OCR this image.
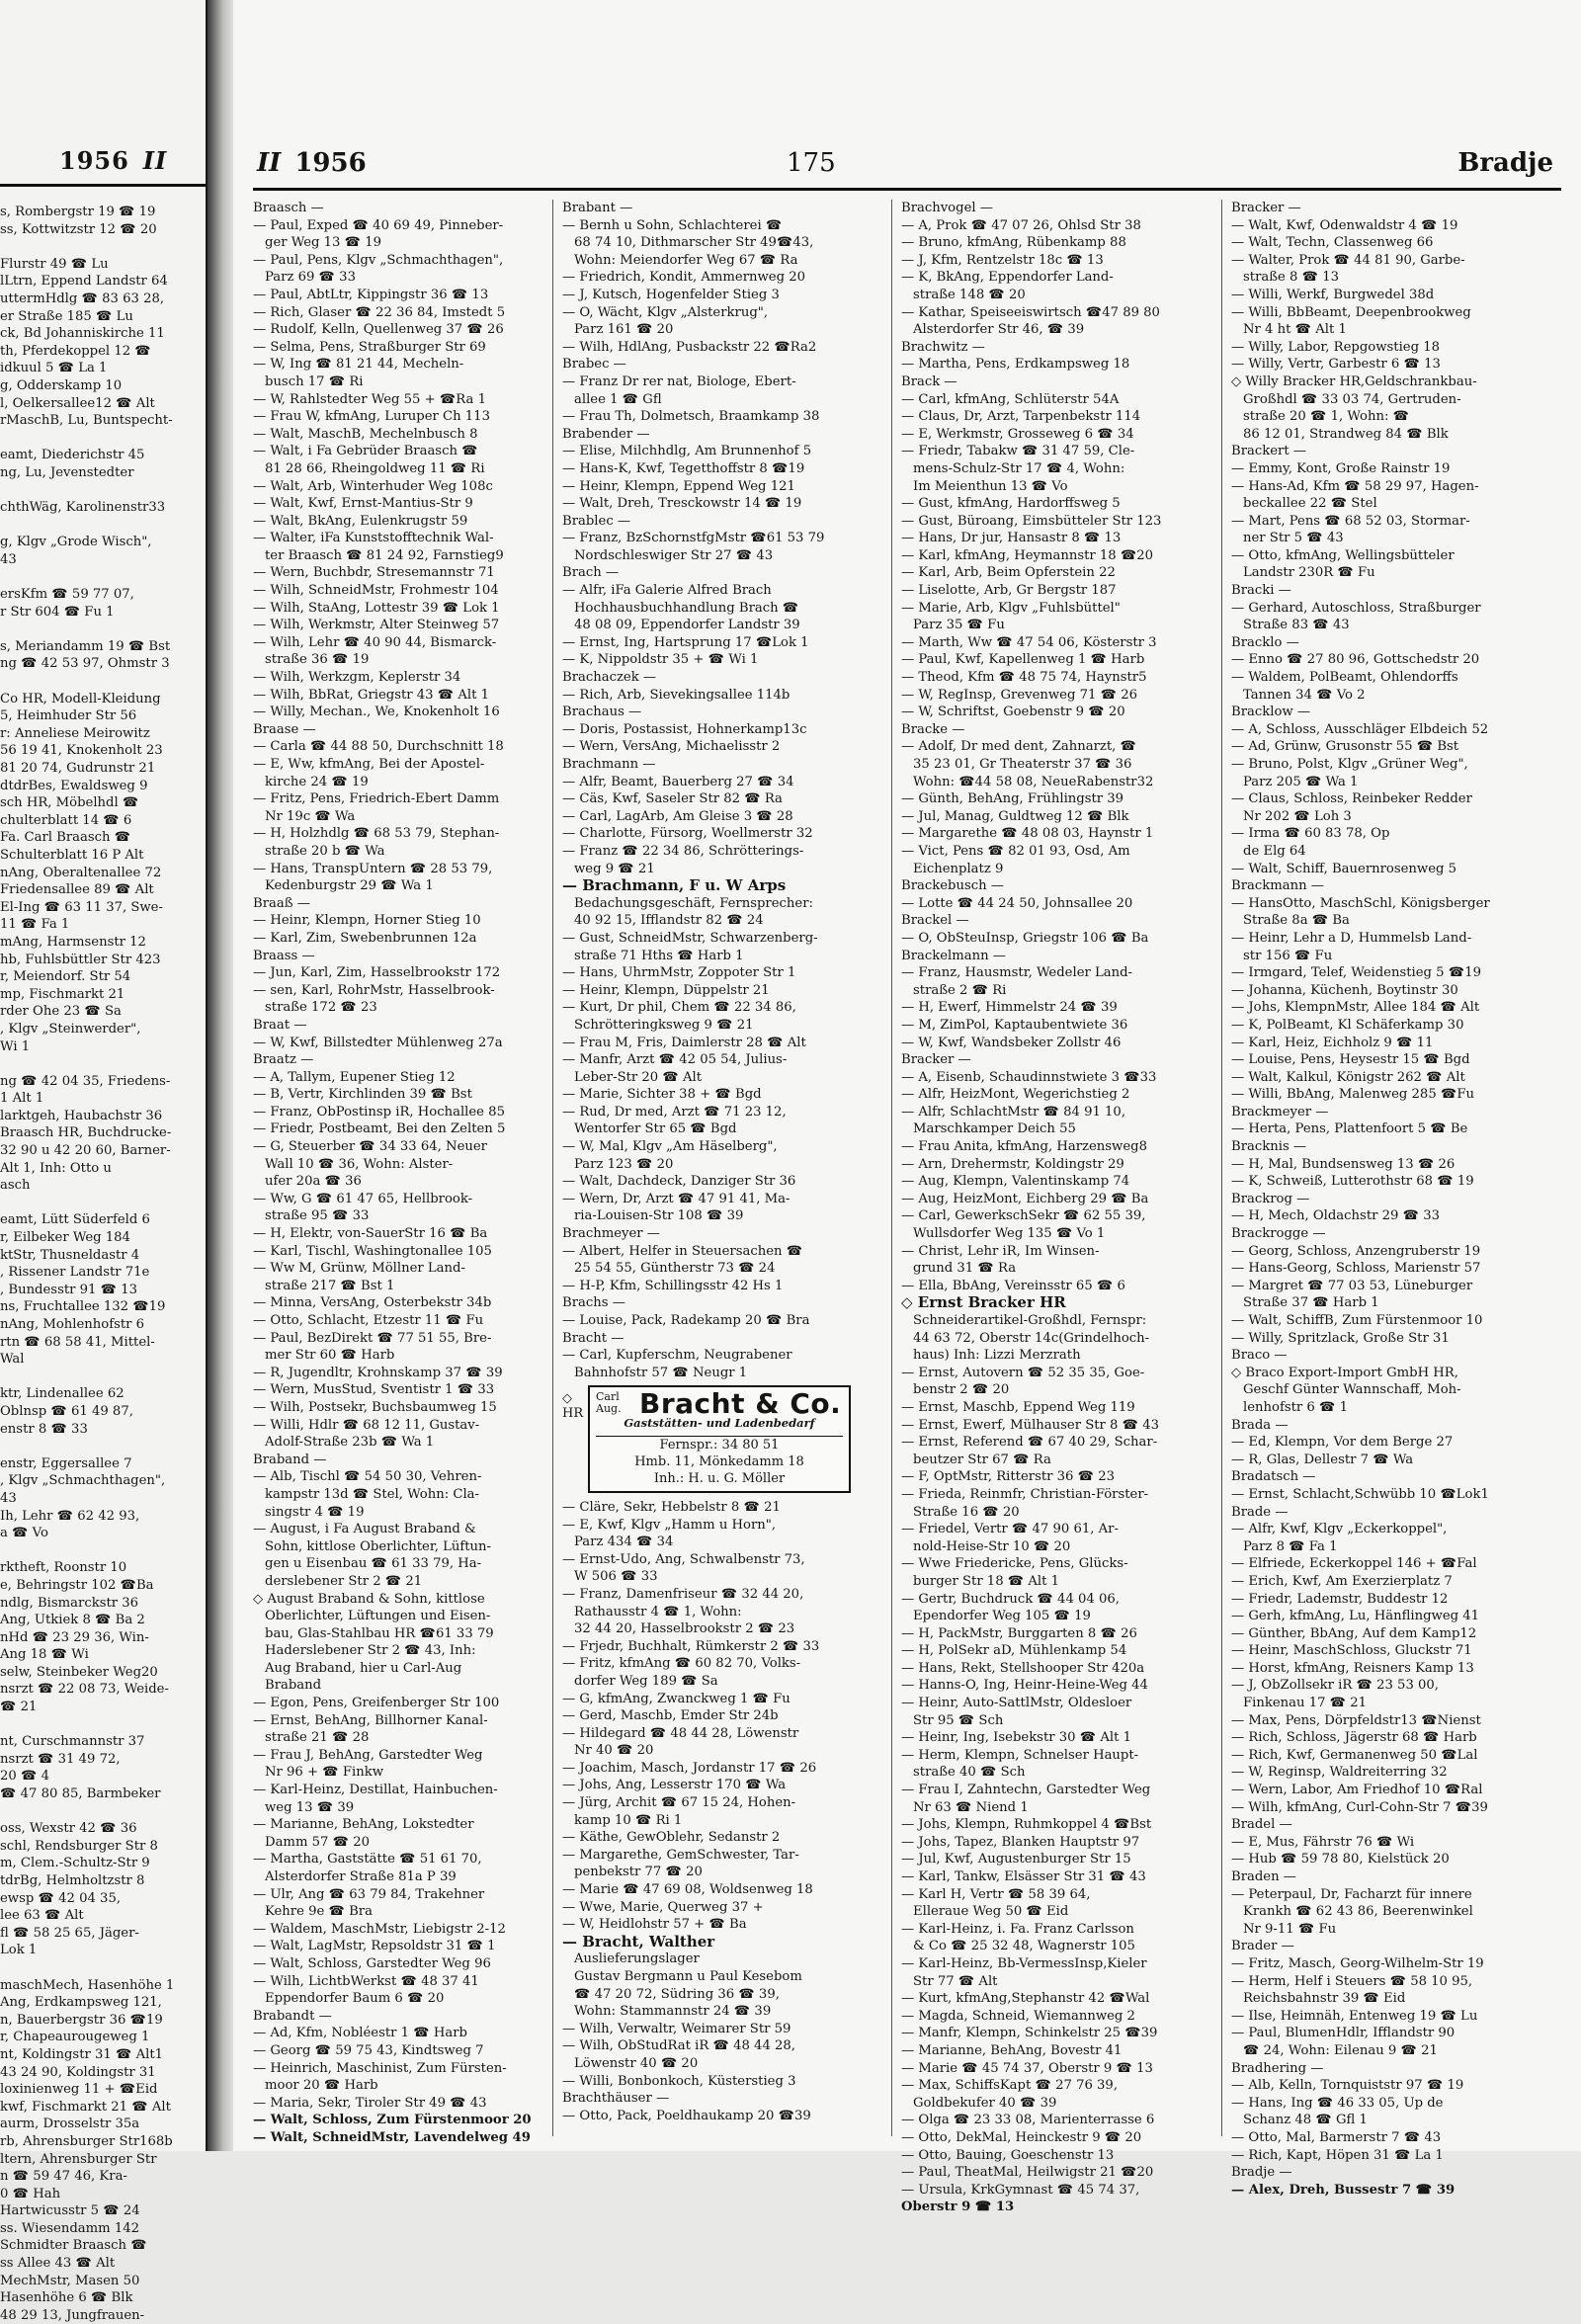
1956 II
s, Rombergstr 19 ☎ 19
ss, Kottwitzstr 12 ☎ 20
Flurstr 49 ☎ Lu
lLtrn, Eppend Landstr 64
uttermHdlg ☎ 83 63 28,
er Straße 185 ☎ Lu
ck, Bd Johanniskirche 11
th, Pferdekoppel 12 ☎
idkuul 5 ☎ La 1
g, Odderskamp 10
l, Oelkersallee12 ☎ Alt
rMaschB, Lu, Buntspecht-
eamt, Diederichstr 45
ng, Lu, Jevenstedter
chthWäg, Karolinenstr33
g, Klgv „Grode Wisch",
43
ersKfm ☎ 59 77 07,
r Str 604 ☎ Fu 1
s, Meriandamm 19 ☎ Bst
ng ☎ 42 53 97, Ohmstr 3
Co HR, Modell-Kleidung
5, Heimhuder Str 56
r: Anneliese Meirowitz
56 19 41, Knokenholt 23
81 20 74, Gudrunstr 21
dtdrBes, Ewaldsweg 9
sch HR, Möbelhdl ☎
chulterblatt 14 ☎ 6
Fa. Carl Braasch ☎
Schulterblatt 16 P Alt
nAng, Oberaltenallee 72
Friedensallee 89 ☎ Alt
El-Ing ☎ 63 11 37, Swe-
11 ☎ Fa 1
mAng, Harmsenstr 12
hb, Fuhlsbüttler Str 423
r, Meiendorf. Str 54
mp, Fischmarkt 21
rder Ohe 23 ☎ Sa
, Klgv „Steinwerder",
Wi 1
ng ☎ 42 04 35, Friedens-
1 Alt 1
larktgeh, Haubachstr 36
Braasch HR, Buchdrucke-
32 90 u 42 20 60, Barner-
Alt 1, Inh: Otto u
asch
eamt, Lütt Süderfeld 6
r, Eilbeker Weg 184
ktStr, Thusneldastr 4
, Rissener Landstr 71e
, Bundesstr 91 ☎ 13
ns, Fruchtallee 132 ☎19
nAng, Mohlenhofstr 6
rtn ☎ 68 58 41, Mittel-
Wal
ktr, Lindenallee 62
Oblnsp ☎ 61 49 87,
enstr 8 ☎ 33
enstr, Eggersallee 7
, Klgv „Schmachthagen",
43
Ih, Lehr ☎ 62 42 93,
a ☎ Vo
rktheft, Roonstr 10
e, Behringstr 102 ☎Ba
ndlg, Bismarckstr 36
Ang, Utkiek 8 ☎ Ba 2
nHd ☎ 23 29 36, Win-
Ang 18 ☎ Wi
selw, Steinbeker Weg20
nsrzt ☎ 22 08 73, Weide-
☎ 21
nt, Curschmannstr 37
nsrzt ☎ 31 49 72,
20 ☎ 4
☎ 47 80 85, Barmbeker
oss, Wexstr 42 ☎ 36
schl, Rendsburger Str 8
m, Clem.-Schultz-Str 9
tdrBg, Helmholtzstr 8
ewsp ☎ 42 04 35,
lee 63 ☎ Alt
fl ☎ 58 25 65, Jäger-
Lok 1
maschMech, Hasenhöhe 1
Ang, Erdkampsweg 121,
n, Bauerbergstr 36 ☎19
r, Chapeaurougeweg 1
nt, Koldingstr 31 ☎ Alt1
43 24 90, Koldingstr 31
loxinienweg 11 + ☎Eid
kwf, Fischmarkt 21 ☎ Alt
aurm, Drosselstr 35a
rb, Ahrensburger Str168b
ltern, Ahrensburger Str
n ☎ 59 47 46, Kra-
0 ☎ Hah
Hartwicusstr 5 ☎ 24
ss. Wiesendamm 142
Schmidter Braasch ☎
ss Allee 43 ☎ Alt
MechMstr, Masen 50
Hasenhöhe 6 ☎ Blk
48 29 13, Jungfrauen-
II 1956	175	Bradje
Braasch —
— Paul, Exped ☎ 40 69 49, Pinneber-
ger Weg 13 ☎ 19
— Paul, Pens, Klgv „Schmachthagen",
Parz 69 ☎ 33
— Paul, AbtLtr, Kippingstr 36 ☎ 13
— Rich, Glaser ☎ 22 36 84, Imstedt 5
— Rudolf, Kelln, Quellenweg 37 ☎ 26
— Selma, Pens, Straßburger Str 69
— W, Ing ☎ 81 21 44, Mecheln-
busch 17 ☎ Ri
— W, Rahlstedter Weg 55 + ☎Ra 1
— Frau W, kfmAng, Luruper Ch 113
— Walt, MaschB, Mechelnbusch 8
— Walt, i Fa Gebrüder Braasch ☎
81 28 66, Rheingoldweg 11 ☎ Ri
— Walt, Arb, Winterhuder Weg 108c
— Walt, Kwf, Ernst-Mantius-Str 9
— Walt, BkAng, Eulenkrugstr 59
— Walter, iFa Kunststofftechnik Wal-
ter Braasch ☎ 81 24 92, Farnstieg9
— Wern, Buchbdr, Stresemannstr 71
— Wilh, SchneidMstr, Frohmestr 104
— Wilh, StaAng, Lottestr 39 ☎ Lok 1
— Wilh, Werkmstr, Alter Steinweg 57
— Wilh, Lehr ☎ 40 90 44, Bismarck-
straße 36 ☎ 19
— Wilh, Werkzgm, Keplerstr 34
— Wilh, BbRat, Griegstr 43 ☎ Alt 1
— Willy, Mechan., We, Knokenholt 16
Braase —
— Carla ☎ 44 88 50, Durchschnitt 18
— E, Ww, kfmAng, Bei der Apostel-
kirche 24 ☎ 19
— Fritz, Pens, Friedrich-Ebert Damm
Nr 19c ☎ Wa
— H, Holzhdlg ☎ 68 53 79, Stephan-
straße 20 b ☎ Wa
— Hans, TranspUntern ☎ 28 53 79,
Kedenburgstr 29 ☎ Wa 1
Braaß —
— Heinr, Klempn, Horner Stieg 10
— Karl, Zim, Swebenbrunnen 12a
Braass —
— Jun, Karl, Zim, Hasselbrookstr 172
— sen, Karl, RohrMstr, Hasselbrook-
straße 172 ☎ 23
Braat —
— W, Kwf, Billstedter Mühlenweg 27a
Braatz —
— A, Tallym, Eupener Stieg 12
— B, Vertr, Kirchlinden 39 ☎ Bst
— Franz, ObPostinsp iR, Hochallee 85
— Friedr, Postbeamt, Bei den Zelten 5
— G, Steuerber ☎ 34 33 64, Neuer
Wall 10 ☎ 36, Wohn: Alster-
ufer 20a ☎ 36
— Ww, G ☎ 61 47 65, Hellbrook-
straße 95 ☎ 33
— H, Elektr, von-SauerStr 16 ☎ Ba
— Karl, Tischl, Washingtonallee 105
— Ww M, Grünw, Möllner Land-
straße 217 ☎ Bst 1
— Minna, VersAng, Osterbekstr 34b
— Otto, Schlacht, Etzestr 11 ☎ Fu
— Paul, BezDirekt ☎ 77 51 55, Bre-
mer Str 60 ☎ Harb
— R, Jugendltr, Krohnskamp 37 ☎ 39
— Wern, MusStud, Sventistr 1 ☎ 33
— Wilh, Postsekr, Buchsbaumweg 15
— Willi, Hdlr ☎ 68 12 11, Gustav-
Adolf-Straße 23b ☎ Wa 1
Braband —
— Alb, Tischl ☎ 54 50 30, Vehren-
kampstr 13d ☎ Stel, Wohn: Cla-
singstr 4 ☎ 19
— August, i Fa August Braband &
Sohn, kittlose Oberlichter, Lüftun-
gen u Eisenbau ☎ 61 33 79, Ha-
derslebener Str 2 ☎ 21
◇ August Braband & Sohn, kittlose
Oberlichter, Lüftungen und Eisen-
bau, Glas-Stahlbau HR ☎61 33 79
Haderslebener Str 2 ☎ 43, Inh:
Aug Braband, hier u Carl-Aug
Braband
— Egon, Pens, Greifenberger Str 100
— Ernst, BehAng, Billhorner Kanal-
straße 21 ☎ 28
— Frau J, BehAng, Garstedter Weg
Nr 96 + ☎ Finkw
— Karl-Heinz, Destillat, Hainbuchen-
weg 13 ☎ 39
— Marianne, BehAng, Lokstedter
Damm 57 ☎ 20
— Martha, Gaststätte ☎ 51 61 70,
Alsterdorfer Straße 81a P 39
— Ulr, Ang ☎ 63 79 84, Trakehner
Kehre 9e ☎ Bra
— Waldem, MaschMstr, Liebigstr 2-12
— Walt, LagMstr, Repsoldstr 31 ☎ 1
— Walt, Schloss, Garstedter Weg 96
— Wilh, LichtbWerkst ☎ 48 37 41
Eppendorfer Baum 6 ☎ 20
Brabandt —
— Ad, Kfm, Nobléestr 1 ☎ Harb
— Georg ☎ 59 75 43, Kindtsweg 7
— Heinrich, Maschinist, Zum Fürsten-
moor 20 ☎ Harb
— Maria, Sekr, Tiroler Str 49 ☎ 43
— Walt, Schloss, Zum Fürstenmoor 20
— Walt, SchneidMstr, Lavendelweg 49
Brabant —
— Bernh u Sohn, Schlachterei ☎
68 74 10, Dithmarscher Str 49☎43,
Wohn: Meiendorfer Weg 67 ☎ Ra
— Friedrich, Kondit, Ammernweg 20
— J, Kutsch, Hogenfelder Stieg 3
— O, Wächt, Klgv „Alsterkrug",
Parz 161 ☎ 20
— Wilh, HdlAng, Pusbackstr 22 ☎Ra2
Brabec —
— Franz Dr rer nat, Biologe, Ebert-
allee 1 ☎ Gfl
— Frau Th, Dolmetsch, Braamkamp 38
Brabender —
— Elise, Milchhdlg, Am Brunnenhof 5
— Hans-K, Kwf, Tegetthoffstr 8 ☎19
— Heinr, Klempn, Eppend Weg 121
— Walt, Dreh, Tresckowstr 14 ☎ 19
Brablec —
— Franz, BzSchornstfgMstr ☎61 53 79
Nordschleswiger Str 27 ☎ 43
Brach —
— Alfr, iFa Galerie Alfred Brach
Hochhausbuchhandlung Brach ☎
48 08 09, Eppendorfer Landstr 39
— Ernst, Ing, Hartsprung 17 ☎Lok 1
— K, Nippoldstr 35 + ☎ Wi 1
Brachaczek —
— Rich, Arb, Sievekingsallee 114b
Brachaus —
— Doris, Postassist, Hohnerkamp13c
— Wern, VersAng, Michaelisstr 2
Brachmann —
— Alfr, Beamt, Bauerberg 27 ☎ 34
— Cäs, Kwf, Saseler Str 82 ☎ Ra
— Carl, LagArb, Am Gleise 3 ☎ 28
— Charlotte, Fürsorg, Woellmerstr 32
— Franz ☎ 22 34 86, Schrötterings-
weg 9 ☎ 21
— Brachmann, F u. W Arps
Bedachungsgeschäft, Fernsprecher:
40 92 15, Ifflandstr 82 ☎ 24
— Gust, SchneidMstr, Schwarzenberg-
straße 71 Hths ☎ Harb 1
— Hans, UhrmMstr, Zoppoter Str 1
— Heinr, Klempn, Düppelstr 21
— Kurt, Dr phil, Chem ☎ 22 34 86,
Schrötteringksweg 9 ☎ 21
— Frau M, Fris, Daimlerstr 28 ☎ Alt
— Manfr, Arzt ☎ 42 05 54, Julius-
Leber-Str 20 ☎ Alt
— Marie, Sichter 38 + ☎ Bgd
— Rud, Dr med, Arzt ☎ 71 23 12,
Wentorfer Str 65 ☎ Bgd
— W, Mal, Klgv „Am Häselberg",
Parz 123 ☎ 20
— Walt, Dachdeck, Danziger Str 36
— Wern, Dr, Arzt ☎ 47 91 41, Ma-
ria-Louisen-Str 108 ☎ 39
Brachmeyer —
— Albert, Helfer in Steuersachen ☎
25 54 55, Güntherstr 73 ☎ 24
— H-P, Kfm, Schillingsstr 42 Hs 1
Brachs —
— Louise, Pack, Radekamp 20 ☎ Bra
Bracht —
— Carl, Kupferschm, Neugrabener
Bahnhofstr 57 ☎ Neugr 1
◇
HR
Carl
Aug. Bracht & Co.
Gaststätten- und Ladenbedarf
Fernspr.: 34 80 51
Hmb. 11, Mönkedamm 18
Inh.: H. u. G. Möller
— Cläre, Sekr, Hebbelstr 8 ☎ 21
— E, Kwf, Klgv „Hamm u Horn",
Parz 434 ☎ 34
— Ernst-Udo, Ang, Schwalbenstr 73,
W 506 ☎ 33
— Franz, Damenfriseur ☎ 32 44 20,
Rathausstr 4 ☎ 1, Wohn:
32 44 20, Hasselbrookstr 2 ☎ 23
— Frjedr, Buchhalt, Rümkerstr 2 ☎ 33
— Fritz, kfmAng ☎ 60 82 70, Volks-
dorfer Weg 189 ☎ Sa
— G, kfmAng, Zwanckweg 1 ☎ Fu
— Gerd, Maschb, Emder Str 24b
— Hildegard ☎ 48 44 28, Löwenstr
Nr 40 ☎ 20
— Joachim, Masch, Jordanstr 17 ☎ 26
— Johs, Ang, Lesserstr 170 ☎ Wa
— Jürg, Archit ☎ 67 15 24, Hohen-
kamp 10 ☎ Ri 1
— Käthe, GewOblehr, Sedanstr 2
— Margarethe, GemSchwester, Tar-
penbekstr 77 ☎ 20
— Marie ☎ 47 69 08, Woldsenweg 18
— Wwe, Marie, Querweg 37 +
— W, Heidlohstr 57 + ☎ Ba
— Bracht, Walther
Auslieferungslager
Gustav Bergmann u Paul Kesebom
☎ 47 20 72, Südring 36 ☎ 39,
Wohn: Stammannstr 24 ☎ 39
— Wilh, Verwaltr, Weimarer Str 59
— Wilh, ObStudRat iR ☎ 48 44 28,
Löwenstr 40 ☎ 20
— Willi, Bonbonkoch, Küsterstieg 3
Brachthäuser —
— Otto, Pack, Poeldhaukamp 20 ☎39
Brachvogel —
— A, Prok ☎ 47 07 26, Ohlsd Str 38
— Bruno, kfmAng, Rübenkamp 88
— J, Kfm, Rentzelstr 18c ☎ 13
— K, BkAng, Eppendorfer Land-
straße 148 ☎ 20
— Kathar, Speiseeiswirtsch ☎47 89 80
Alsterdorfer Str 46, ☎ 39
Brachwitz —
— Martha, Pens, Erdkampsweg 18
Brack —
— Carl, kfmAng, Schlüterstr 54A
— Claus, Dr, Arzt, Tarpenbekstr 114
— E, Werkmstr, Grosseweg 6 ☎ 34
— Friedr, Tabakw ☎ 31 47 59, Cle-
mens-Schulz-Str 17 ☎ 4, Wohn:
Im Meienthun 13 ☎ Vo
— Gust, kfmAng, Hardorffsweg 5
— Gust, Büroang, Eimsbütteler Str 123
— Hans, Dr jur, Hansastr 8 ☎ 13
— Karl, kfmAng, Heymannstr 18 ☎20
— Karl, Arb, Beim Opferstein 22
— Liselotte, Arb, Gr Bergstr 187
— Marie, Arb, Klgv „Fuhlsbüttel"
Parz 35 ☎ Fu
— Marth, Ww ☎ 47 54 06, Kösterstr 3
— Paul, Kwf, Kapellenweg 1 ☎ Harb
— Theod, Kfm ☎ 48 75 74, Haynstr5
— W, RegInsp, Grevenweg 71 ☎ 26
— W, Schriftst, Goebenstr 9 ☎ 20
Bracke —
— Adolf, Dr med dent, Zahnarzt, ☎
35 23 01, Gr Theaterstr 37 ☎ 36
Wohn: ☎44 58 08, NeueRabenstr32
— Günth, BehAng, Frühlingstr 39
— Jul, Manag, Guldtweg 12 ☎ Blk
— Margarethe ☎ 48 08 03, Haynstr 1
— Vict, Pens ☎ 82 01 93, Osd, Am
Eichenplatz 9
Brackebusch —
— Lotte ☎ 44 24 50, Johnsallee 20
Brackel —
— O, ObSteuInsp, Griegstr 106 ☎ Ba
Brackelmann —
— Franz, Hausmstr, Wedeler Land-
straße 2 ☎ Ri
— H, Ewerf, Himmelstr 24 ☎ 39
— M, ZimPol, Kaptaubentwiete 36
— W, Kwf, Wandsbeker Zollstr 46
Bracker —
— A, Eisenb, Schaudinnstwiete 3 ☎33
— Alfr, HeizMont, Wegerichstieg 2
— Alfr, SchlachtMstr ☎ 84 91 10,
Marschkamper Deich 55
— Frau Anita, kfmAng, Harzensweg8
— Arn, Drehermstr, Koldingstr 29
— Aug, Klempn, Valentinskamp 74
— Aug, HeizMont, Eichberg 29 ☎ Ba
— Carl, GewerkschSekr ☎ 62 55 39,
Wullsdorfer Weg 135 ☎ Vo 1
— Christ, Lehr iR, Im Winsen-
grund 31 ☎ Ra
— Ella, BbAng, Vereinsstr 65 ☎ 6
◇ Ernst Bracker HR
Schneiderartikel-Großhdl, Fernspr:
44 63 72, Oberstr 14c(Grindelhoch-
haus) Inh: Lizzi Merzrath
— Ernst, Autovern ☎ 52 35 35, Goe-
benstr 2 ☎ 20
— Ernst, Maschb, Eppend Weg 119
— Ernst, Ewerf, Mülhauser Str 8 ☎ 43
— Ernst, Referend ☎ 67 40 29, Schar-
beutzer Str 67 ☎ Ra
— F, OptMstr, Ritterstr 36 ☎ 23
— Frieda, Reinmfr, Christian-Förster-
Straße 16 ☎ 20
— Friedel, Vertr ☎ 47 90 61, Ar-
nold-Heise-Str 10 ☎ 20
— Wwe Friedericke, Pens, Glücks-
burger Str 18 ☎ Alt 1
— Gertr, Buchdruck ☎ 44 04 06,
Ependorfer Weg 105 ☎ 19
— H, PackMstr, Burggarten 8 ☎ 26
— H, PolSekr aD, Mühlenkamp 54
— Hans, Rekt, Stellshooper Str 420a
— Hanns-O, Ing, Heinr-Heine-Weg 44
— Heinr, Auto-SattlMstr, Oldesloer
Str 95 ☎ Sch
— Heinr, Ing, Isebekstr 30 ☎ Alt 1
— Herm, Klempn, Schnelser Haupt-
straße 40 ☎ Sch
— Frau I, Zahntechn, Garstedter Weg
Nr 63 ☎ Niend 1
— Johs, Klempn, Ruhmkoppel 4 ☎Bst
— Johs, Tapez, Blanken Hauptstr 97
— Jul, Kwf, Augustenburger Str 15
— Karl, Tankw, Elsässer Str 31 ☎ 43
— Karl H, Vertr ☎ 58 39 64,
Elleraue Weg 50 ☎ Eid
— Karl-Heinz, i. Fa. Franz Carlsson
& Co ☎ 25 32 48, Wagnerstr 105
— Karl-Heinz, Bb-VermessInsp,Kieler
Str 77 ☎ Alt
— Kurt, kfmAng,Stephanstr 42 ☎Wal
— Magda, Schneid, Wiemannweg 2
— Manfr, Klempn, Schinkelstr 25 ☎39
— Marianne, BehAng, Bovestr 41
— Marie ☎ 45 74 37, Oberstr 9 ☎ 13
— Max, SchiffsKapt ☎ 27 76 39,
Goldbekufer 40 ☎ 39
— Olga ☎ 23 33 08, Marienterrasse 6
— Otto, DekMal, Heinckestr 9 ☎ 20
— Otto, Bauing, Goeschenstr 13
— Paul, TheatMal, Heilwigstr 21 ☎20
— Ursula, KrkGymnast ☎ 45 74 37,
Oberstr 9 ☎ 13
Bracker —
— Walt, Kwf, Odenwaldstr 4 ☎ 19
— Walt, Techn, Classenweg 66
— Walter, Prok ☎ 44 81 90, Garbe-
straße 8 ☎ 13
— Willi, Werkf, Burgwedel 38d
— Willi, BbBeamt, Deepenbrookweg
Nr 4 ht ☎ Alt 1
— Willy, Labor, Repgowstieg 18
— Willy, Vertr, Garbestr 6 ☎ 13
◇ Willy Bracker HR,Geldschrankbau-
Großhdl ☎ 33 03 74, Gertruden-
straße 20 ☎ 1, Wohn: ☎
86 12 01, Strandweg 84 ☎ Blk
Brackert —
— Emmy, Kont, Große Rainstr 19
— Hans-Ad, Kfm ☎ 58 29 97, Hagen-
beckallee 22 ☎ Stel
— Mart, Pens ☎ 68 52 03, Stormar-
ner Str 5 ☎ 43
— Otto, kfmAng, Wellingsbütteler
Landstr 230R ☎ Fu
Bracki —
— Gerhard, Autoschloss, Straßburger
Straße 83 ☎ 43
Bracklo —
— Enno ☎ 27 80 96, Gottschedstr 20
— Waldem, PolBeamt, Ohlendorffs
Tannen 34 ☎ Vo 2
Bracklow —
— A, Schloss, Ausschläger Elbdeich 52
— Ad, Grünw, Grusonstr 55 ☎ Bst
— Bruno, Polst, Klgv „Grüner Weg",
Parz 205 ☎ Wa 1
— Claus, Schloss, Reinbeker Redder
Nr 202 ☎ Loh 3
— Irma ☎ 60 83 78, Op
de Elg 64
— Walt, Schiff, Bauernrosenweg 5
Brackmann —
— HansOtto, MaschSchl, Königsberger
Straße 8a ☎ Ba
— Heinr, Lehr a D, Hummelsb Land-
str 156 ☎ Fu
— Irmgard, Telef, Weidenstieg 5 ☎19
— Johanna, Küchenh, Boytinstr 30
— Johs, KlempnMstr, Allee 184 ☎ Alt
— K, PolBeamt, Kl Schäferkamp 30
— Karl, Heiz, Eichholz 9 ☎ 11
— Louise, Pens, Heysestr 15 ☎ Bgd
— Walt, Kalkul, Königstr 262 ☎ Alt
— Willi, BbAng, Malenweg 285 ☎Fu
Brackmeyer —
— Herta, Pens, Plattenfoort 5 ☎ Be
Bracknis —
— H, Mal, Bundsensweg 13 ☎ 26
— K, Schweiß, Lutterothstr 68 ☎ 19
Brackrog —
— H, Mech, Oldachstr 29 ☎ 33
Brackrogge —
— Georg, Schloss, Anzengruberstr 19
— Hans-Georg, Schloss, Marienstr 57
— Margret ☎ 77 03 53, Lüneburger
Straße 37 ☎ Harb 1
— Walt, SchiffB, Zum Fürstenmoor 10
— Willy, Spritzlack, Große Str 31
Braco —
◇ Braco Export-Import GmbH HR,
Geschf Günter Wannschaff, Moh-
lenhofstr 6 ☎ 1
Brada —
— Ed, Klempn, Vor dem Berge 27
— R, Glas, Dellestr 7 ☎ Wa
Bradatsch —
— Ernst, Schlacht,Schwübb 10 ☎Lok1
Brade —
— Alfr, Kwf, Klgv „Eckerkoppel",
Parz 8 ☎ Fa 1
— Elfriede, Eckerkoppel 146 + ☎Fal
— Erich, Kwf, Am Exerzierplatz 7
— Friedr, Lademstr, Buddestr 12
— Gerh, kfmAng, Lu, Hänflingweg 41
— Günther, BbAng, Auf dem Kamp12
— Heinr, MaschSchloss, Gluckstr 71
— Horst, kfmAng, Reisners Kamp 13
— J, ObZollsekr iR ☎ 23 53 00,
Finkenau 17 ☎ 21
— Max, Pens, Dörpfeldstr13 ☎Nienst
— Rich, Schloss, Jägerstr 68 ☎ Harb
— Rich, Kwf, Germanenweg 50 ☎Lal
— W, Reginsp, Waldreiterring 32
— Wern, Labor, Am Friedhof 10 ☎Ral
— Wilh, kfmAng, Curl-Cohn-Str 7 ☎39
Bradel —
— E, Mus, Fährstr 76 ☎ Wi
— Hub ☎ 59 78 80, Kielstück 20
Braden —
— Peterpaul, Dr, Facharzt für innere
Krankh ☎ 62 43 86, Beerenwinkel
Nr 9-11 ☎ Fu
Brader —
— Fritz, Masch, Georg-Wilhelm-Str 19
— Herm, Helf i Steuers ☎ 58 10 95,
Reichsbahnstr 39 ☎ Eid
— Ilse, Heimnäh, Entenweg 19 ☎ Lu
— Paul, BlumenHdlr, Ifflandstr 90
☎ 24, Wohn: Eilenau 9 ☎ 21
Bradhering —
— Alb, Kelln, Tornquiststr 97 ☎ 19
— Hans, Ing ☎ 46 33 05, Up de
Schanz 48 ☎ Gfl 1
— Otto, Mal, Barmerstr 7 ☎ 43
— Rich, Kapt, Höpen 31 ☎ La 1
Bradje —
— Alex, Dreh, Bussestr 7 ☎ 39
